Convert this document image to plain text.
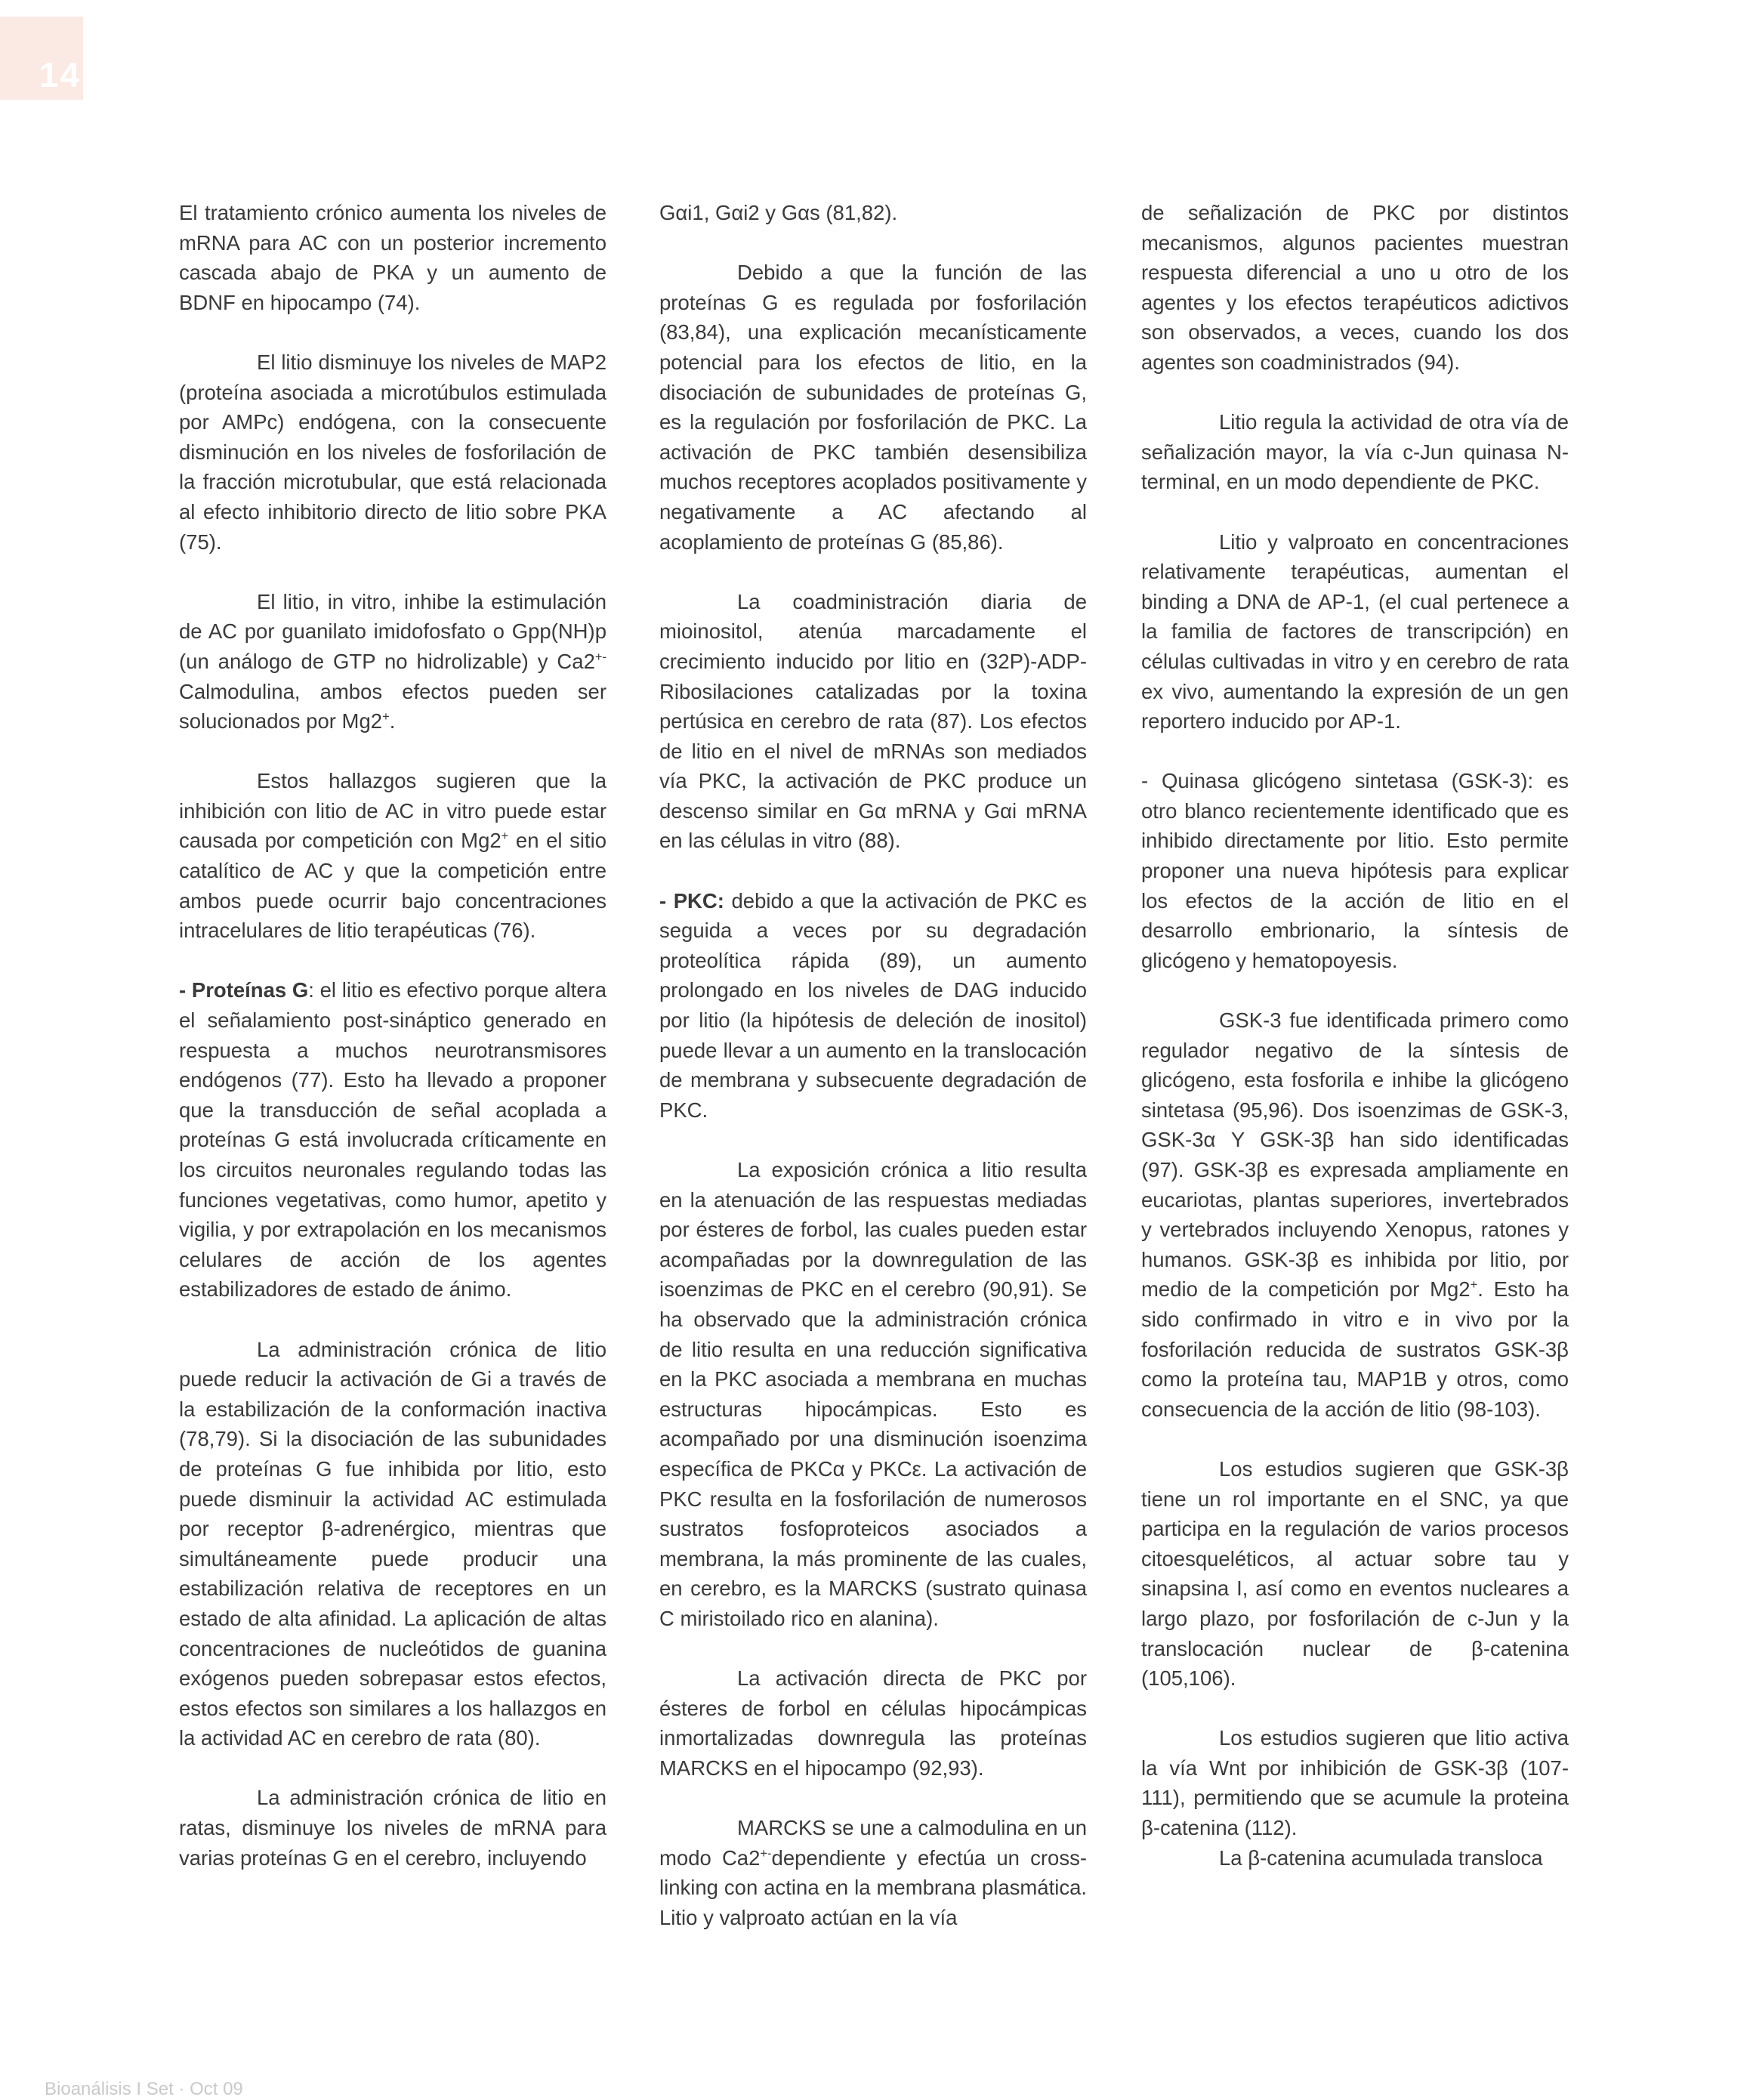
14

El tratamiento crónico aumenta los niveles de mRNA para AC con un posterior incremento cascada abajo de PKA y un aumento de BDNF en hipocampo (74).

El litio disminuye los niveles de MAP2 (proteína asociada a microtúbulos estimulada por AMPc) endógena, con la consecuente disminución en los niveles de fosforilación de la fracción microtubular, que está relacionada al efecto inhibitorio directo de litio sobre PKA (75).

El litio, in vitro, inhibe la estimulación de AC por guanilato imidofosfato o Gpp(NH)p (un análogo de GTP no hidrolizable) y Ca2+- Calmodulina, ambos efectos pueden ser solucionados por Mg2+.

Estos hallazgos sugieren que la inhibición con litio de AC in vitro puede estar causada por competición con Mg2+ en el sitio catalítico de AC y que la competición entre ambos puede ocurrir bajo concentraciones intracelulares de litio terapéuticas (76).

- Proteínas G: el litio es efectivo porque altera el señalamiento post-sináptico generado en respuesta a muchos neurotransmisores endógenos (77). Esto ha llevado a proponer que la transducción de señal acoplada a proteínas G está involucrada críticamente en los circuitos neuronales regulando todas las funciones vegetativas, como humor, apetito y vigilia, y por extrapolación en los mecanismos celulares de acción de los agentes estabilizadores de estado de ánimo.

La administración crónica de litio puede reducir la activación de Gi a través de la estabilización de la conformación inactiva (78,79). Si la disociación de las subunidades de proteínas G fue inhibida por litio, esto puede disminuir la actividad AC estimulada por receptor β-adrenérgico, mientras que simultáneamente puede producir una estabilización relativa de receptores en un estado de alta afinidad. La aplicación de altas concentraciones de nucleótidos de guanina exógenos pueden sobrepasar estos efectos, estos efectos son similares a los hallazgos en la actividad AC en cerebro de rata (80).

La administración crónica de litio en ratas, disminuye los niveles de mRNA para varias proteínas G en el cerebro, incluyendo

Gαi1, Gαi2 y Gαs (81,82).

Debido a que la función de las proteínas G es regulada por fosforilación (83,84), una explicación mecanísticamente potencial para los efectos de litio, en la disociación de subunidades de proteínas G, es la regulación por fosforilación de PKC. La activación de PKC también desensibiliza muchos receptores acoplados positivamente y negativamente a AC afectando al acoplamiento de proteínas G (85,86).

La coadministración diaria de mioinositol, atenúa marcadamente el crecimiento inducido por litio en (32P)-ADP-Ribosilaciones catalizadas por la toxina pertúsica en cerebro de rata (87). Los efectos de litio en el nivel de mRNAs son mediados vía PKC, la activación de PKC produce un descenso similar en Gα mRNA y Gαi mRNA en las células in vitro (88).

- PKC: debido a que la activación de PKC es seguida a veces por su degradación proteolítica rápida (89), un aumento prolongado en los niveles de DAG inducido por litio (la hipótesis de deleción de inositol) puede llevar a un aumento en la translocación de membrana y subsecuente degradación de PKC.

La exposición crónica a litio resulta en la atenuación de las respuestas mediadas por ésteres de forbol, las cuales pueden estar acompañadas por la downregulation de las isoenzimas de PKC en el cerebro (90,91). Se ha observado que la administración crónica de litio resulta en una reducción significativa en la PKC asociada a membrana en muchas estructuras hipocámpicas. Esto es acompañado por una disminución isoenzima específica de PKCα y PKCε. La activación de PKC resulta en la fosforilación de numerosos sustratos fosfoproteicos asociados a membrana, la más prominente de las cuales, en cerebro, es la MARCKS (sustrato quinasa C miristoilado rico en alanina).

La activación directa de PKC por ésteres de forbol en células hipocámpicas inmortalizadas downregula las proteínas MARCKS en el hipocampo (92,93).

MARCKS se une a calmodulina en un modo Ca2+-dependiente y efectúa un cross-linking con actina en la membrana plasmática. Litio y valproato actúan en la vía

de señalización de PKC por distintos mecanismos, algunos pacientes muestran respuesta diferencial a uno u otro de los agentes y los efectos terapéuticos adictivos son observados, a veces, cuando los dos agentes son coadministrados (94).

Litio regula la actividad de otra vía de señalización mayor, la vía c-Jun quinasa N-terminal, en un modo dependiente de PKC.

Litio y valproato en concentraciones relativamente terapéuticas, aumentan el binding a DNA de AP-1, (el cual pertenece a la familia de factores de transcripción) en células cultivadas in vitro y en cerebro de rata ex vivo, aumentando la expresión de un gen reportero inducido por AP-1.

- Quinasa glicógeno sintetasa (GSK-3): es otro blanco recientemente identificado que es inhibido directamente por litio. Esto permite proponer una nueva hipótesis para explicar los efectos de la acción de litio en el desarrollo embrionario, la síntesis de glicógeno y hematopoyesis.

GSK-3 fue identificada primero como regulador negativo de la síntesis de glicógeno, esta fosforila e inhibe la glicógeno sintetasa (95,96). Dos isoenzimas de GSK-3, GSK-3α Y GSK-3β han sido identificadas (97). GSK-3β es expresada ampliamente en eucariotas, plantas superiores, invertebrados y vertebrados incluyendo Xenopus, ratones y humanos. GSK-3β es inhibida por litio, por medio de la competición por Mg2+. Esto ha sido confirmado in vitro e in vivo por la fosforilación reducida de sustratos GSK-3β como la proteína tau, MAP1B y otros, como consecuencia de la acción de litio (98-103).

Los estudios sugieren que GSK-3β tiene un rol importante en el SNC, ya que participa en la regulación de varios procesos citoesqueléticos, al actuar sobre tau y sinapsina I, así como en eventos nucleares a largo plazo, por fosforilación de c-Jun y la translocación nuclear de β-catenina (105,106).

Los estudios sugieren que litio activa la vía Wnt por inhibición de GSK-3β (107-111), permitiendo que se acumule la proteina β-catenina (112).

La β-catenina acumulada transloca

Bioanálisis I Set · Oct 09
